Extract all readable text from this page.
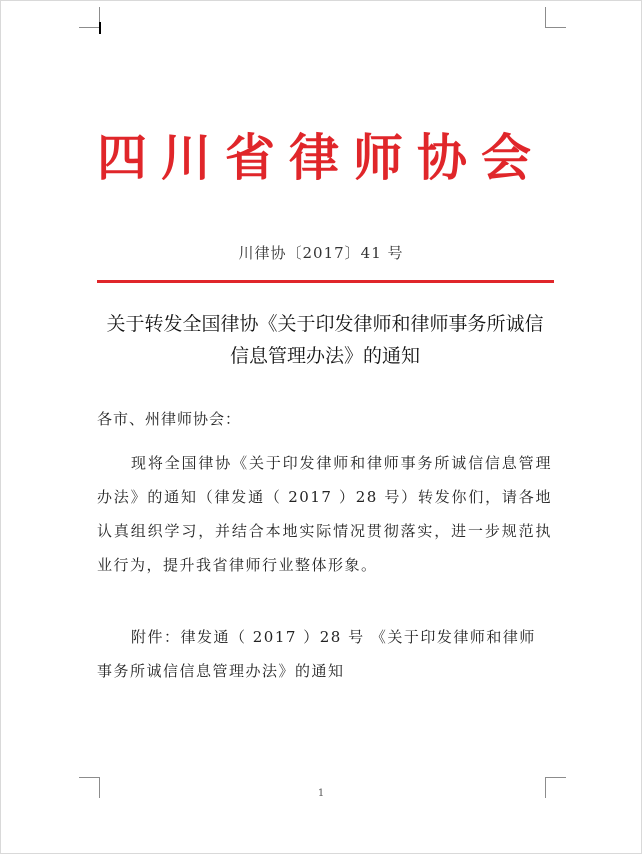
四川省律师协会
川律协〔2017〕41 号
关于转发全国律协《关于印发律师和律师事务所诚信
信息管理办法》的通知
各市、州律师协会：
现将全国律协《关于印发律师和律师事务所诚信信息管理办法》的通知（律发通（ 2017 ）28 号）转发你们，请各地认真组织学习，并结合本地实际情况贯彻落实，进一步规范执业行为，提升我省律师行业整体形象。
附件：律发通（ 2017 ）28 号 《关于印发律师和律师事务所诚信信息管理办法》的通知
1
